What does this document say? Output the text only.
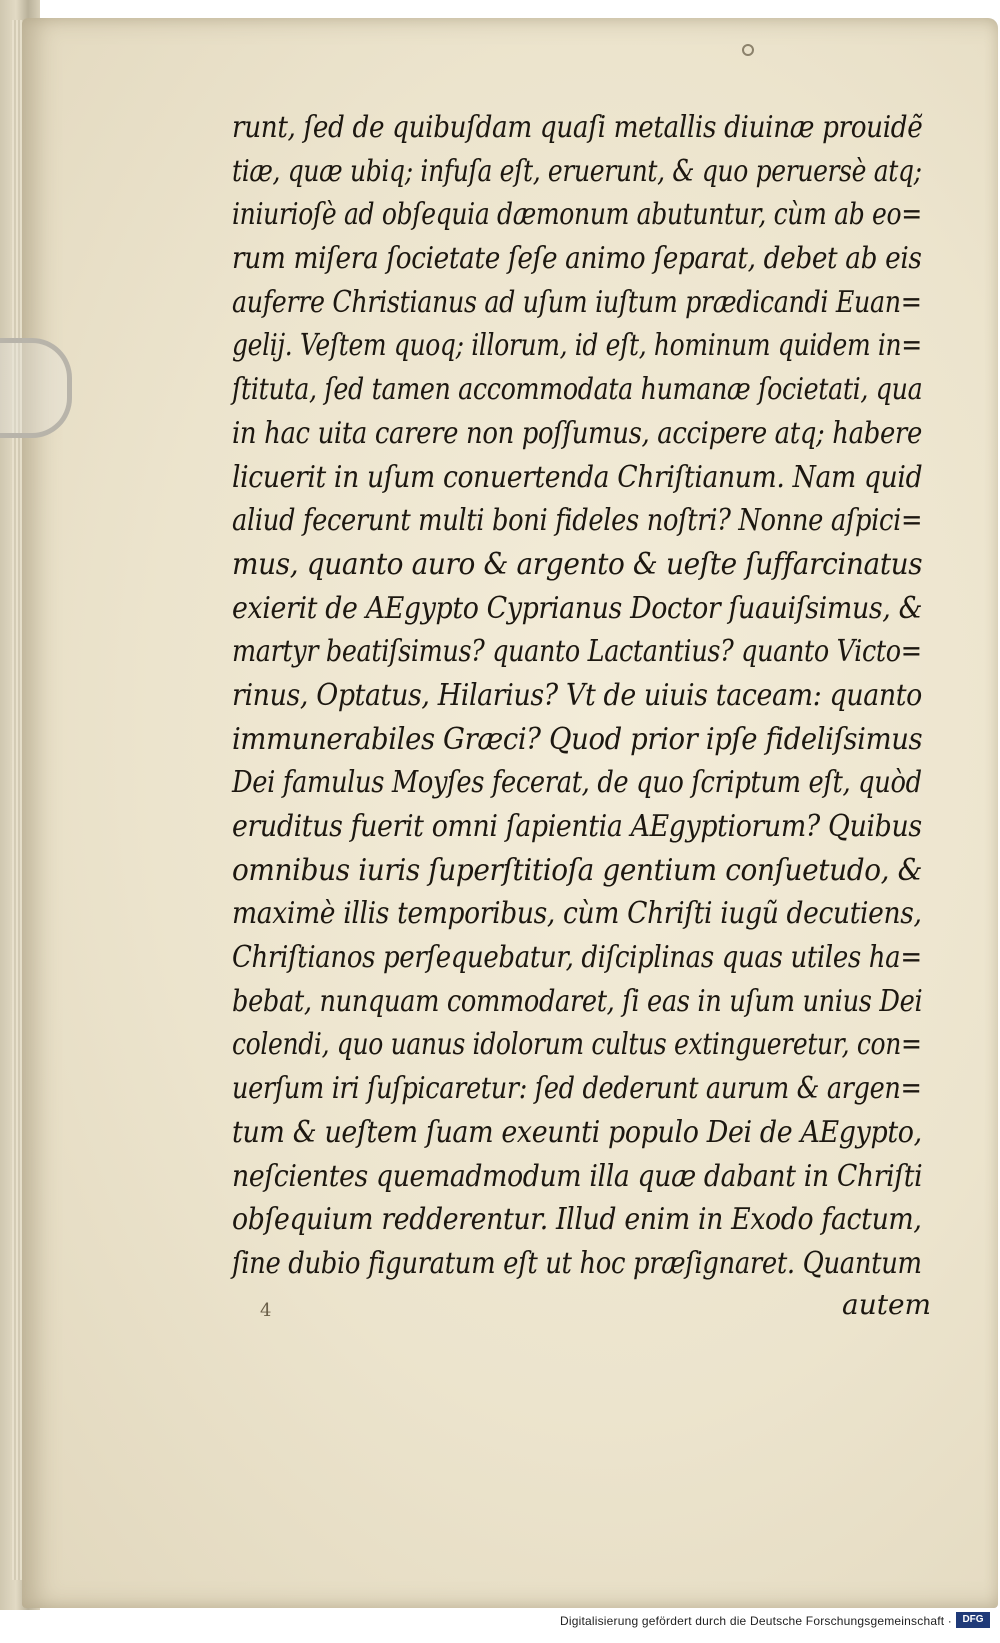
runt, ſed de quibuſdam quaſi metallis diuinæ prouidẽ
tiæ, quæ ubiq; infuſa eſt, eruerunt, & quo peruersè atq;
iniurioſè ad obſequia dæmonum abutuntur, cùm ab eo=
rum miſera ſocietate ſeſe animo ſeparat, debet ab eis
auferre Christianus ad uſum iuſtum prædicandi Euan=
gelij. Veſtem quoq; illorum, id eſt, hominum quidem in=
ſtituta, ſed tamen accommodata humanæ ſocietati, qua
in hac uita carere non poſſumus, accipere atq; habere
licuerit in uſum conuertenda Chriſtianum. Nam quid
aliud fecerunt multi boni fideles noſtri? Nonne aſpici=
mus, quanto auro & argento & ueſte ſuffarcinatus
exierit de AEgypto Cyprianus Doctor ſuauiſsimus, &
martyr beatiſsimus? quanto Lactantius? quanto Victo=
rinus, Optatus, Hilarius? Vt de uiuis taceam: quanto
immunerabiles Græci? Quod prior ipſe fideliſsimus
Dei famulus Moyſes fecerat, de quo ſcriptum eſt, quòd
eruditus fuerit omni ſapientia AEgyptiorum? Quibus
omnibus iuris ſuperſtitioſa gentium conſuetudo, &
maximè illis temporibus, cùm Chriſti iugũ decutiens,
Chriſtianos perſequebatur, diſciplinas quas utiles ha=
bebat, nunquam commodaret, ſi eas in uſum unius Dei
colendi, quo uanus idolorum cultus extingueretur, con=
uerſum iri ſuſpicaretur: ſed dederunt aurum & argen=
tum & ueſtem ſuam exeunti populo Dei de AEgypto,
neſcientes quemadmodum illa quæ dabant in Chriſti
obſequium redderentur. Illud enim in Exodo factum,
ſine dubio figuratum eſt ut hoc præſignaret. Quantum
4	autem
Digitalisierung gefördert durch die Deutsche Forschungsgemeinschaft ·	DFG
